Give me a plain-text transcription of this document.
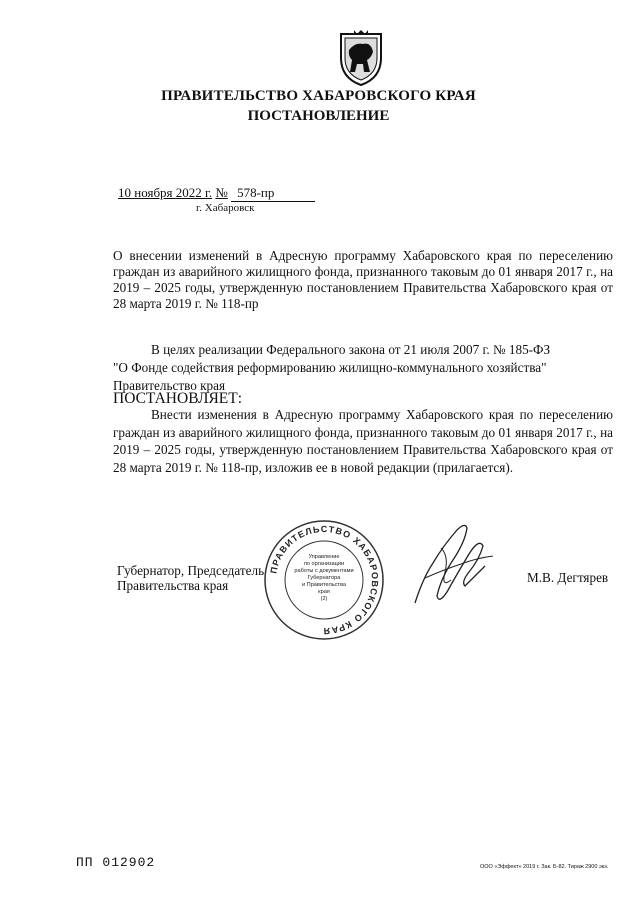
ПРАВИТЕЛЬСТВО ХАБАРОВСКОГО КРАЯ
ПОСТАНОВЛЕНИЕ
10 ноября 2022 г. № 578-пр
г. Хабаровск
О внесении изменений в Адресную программу Хабаровского края по переселению граждан из аварийного жилищного фонда, признанного таковым до 01 января 2017 г., на 2019 – 2025 годы, утвержденную постановлением Правительства Хабаровского края от 28 марта 2019 г. № 118-пр
В целях реализации Федерального закона от 21 июля 2007 г. № 185-ФЗ
"О Фонде содействия реформированию жилищно-коммунального хозяйства"
Правительство края
ПОСТАНОВЛЯЕТ:
Внести изменения в Адресную программу Хабаровского края по переселению граждан из аварийного жилищного фонда, признанного таковым до 01 января 2017 г., на 2019 – 2025 годы, утвержденную постановлением Правительства Хабаровского края от 28 марта 2019 г. № 118-пр, изложив ее в новой редакции (прилагается).
ПРАВИТЕЛЬСТВО ХАБАРОВСКОГО КРАЯ
Управление
по организации
работы с документами
Губернатора
и Правительства
края
(2)
Губернатор, Председатель
Правительства края
М.В. Дегтярев
ПП 012902	ООО «Эффект» 2019 г. Зак. Б-82. Тираж 2900 экз.
